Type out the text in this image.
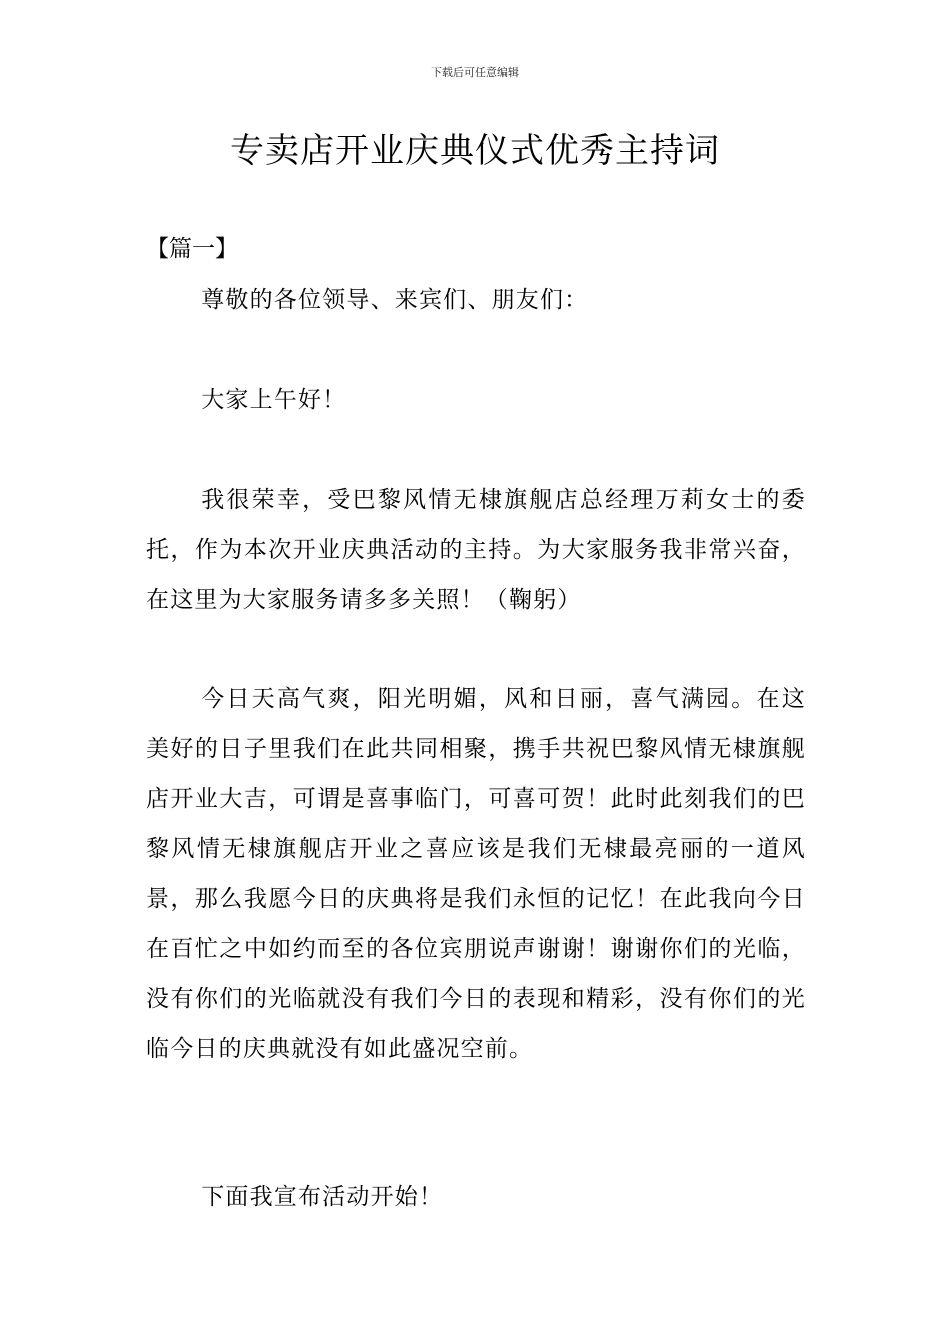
下载后可任意编辑
专卖店开业庆典仪式优秀主持词
【篇一】

尊敬的各位领导、来宾们、朋友们：

大家上午好！

我很荣幸，受巴黎风情无棣旗舰店总经理万莉女士的委托，作为本次开业庆典活动的主持。为大家服务我非常兴奋，在这里为大家服务请多多关照！（鞠躬）

今日天高气爽，阳光明媚，风和日丽，喜气满园。在这美好的日子里我们在此共同相聚，携手共祝巴黎风情无棣旗舰店开业大吉，可谓是喜事临门，可喜可贺！此时此刻我们的巴黎风情无棣旗舰店开业之喜应该是我们无棣最亮丽的一道风景，那么我愿今日的庆典将是我们永恒的记忆！在此我向今日在百忙之中如约而至的各位宾朋说声谢谢！谢谢你们的光临，没有你们的光临就没有我们今日的表现和精彩，没有你们的光临今日的庆典就没有如此盛况空前。

下面我宣布活动开始！
